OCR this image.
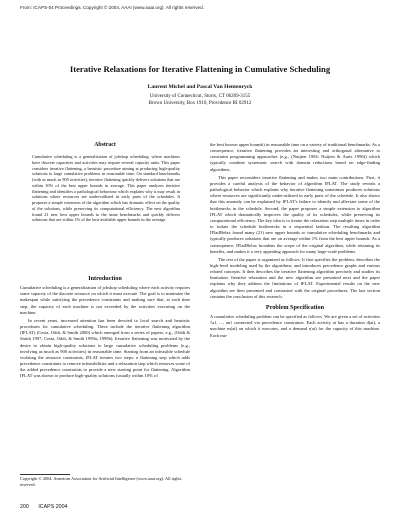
From: ICAPS-04 Proceedings. Copyright © 2004, AAAI (www.aaai.org). All rights reserved.
Iterative Relaxations for Iterative Flattening in Cumulative Scheduling
Laurent Michel and Pascal Van Hentenryck
University of Connecticut, Storrs, CT 06269-3155
Brown University, Box 1910, Providence RI 02912

Abstract

Cumulative scheduling is a generalization of jobshop scheduling, where machines have discrete capacities and activities may require several capacity units. This paper considers iterative flattening, a heuristic procedure aiming at producing high-quality solutions to large cumulative problems in reasonable time. On standard benchmarks (with as much as 900 activities), iterative flattening quickly delivers solutions that are within 10% of the best upper bounds in average. This paper analyzes iterative flattening and identifies a pathological behaviour which explains why it may result in solutions where resources are under-utilized in early parts of the schedules. It proposes a simple extension of the algorithm which has dramatic effect on the quality of the solutions, while preserving its computational efficiency. The new algorithm found 21 new best upper bounds to the same benchmarks and quickly delivers solutions that are within 1% of the best available upper bounds in the average.

Introduction

Cumulative scheduling is a generalization of jobshop scheduling where each activity requires some capacity of the discrete resource on which it must execute. The goal is to minimize the makespan while satisfying the precedence constraints and making sure that, at each time step, the capacity of each machine is not exceeded by the activities executing on the machine.

In recent years, increased attention has been devoted to local search and heuristic procedures for cumulative scheduling. These include the iterative flattening algorithm (IFLAT) (Cesta, Oddi, & Smith 2000) which emerged from a series of papers, e.g., (Oddi & Smith 1997; Cesta, Oddi, & Smith 1999a; 1999b). Iterative flattening was motivated by the desire to obtain high-quality solutions to large cumulative scheduling problems (e.g., involving as much as 900 activities) in reasonable time. Starting from an infeasible schedule violating the resource constraints, IFLAT iterates two steps: a flattening step which adds precedence constraints to remove infeasibilities and a relaxation step which removes some of the added precedence constraints to provide a new starting point for flattening. Algorithm IFLAT was shown to produce high-quality solutions (usually within 10% of

Copyright © 2004, American Association for Artificial Intelligence (www.aaai.org). All rights reserved.

the best known upper bounds) in reasonable time on a variety of traditional benchmarks. As a consequence, iterative flattening provides an interesting and orthogonal alternative to constraint programming approaches (e.g., (Nuijten 1994; Nuijten & Aarts 1996)) which typically combine systematic search with domain reductions based on edge-finding algorithms.

This paper reconsiders iterative flattening and makes two main contributions. First, it provides a careful analysis of the behavior of algorithm IFLAT. The study reveals a pathological behavior which explains why iterative flattening sometimes produces solutions where resources are significantly under-utilized in early parts of the schedule. It also shows that this anomaly can be explained by IFLAT's failure to identify and alleviate some of the bottlenecks in the schedule. Second, the paper proposes a simple extension to algorithm IFLAT which dramatically improves the quality of its schedules, while preserving its computational efficiency. The key idea is to iterate the relaxation step multiple times in order to isolate the schedule bottlenecks in a sequential fashion. The resulting algorithm IFlatIRelax found many (21) new upper bounds to cumulative scheduling benchmarks and typically produces solutions that are on average within 1% from the best upper bounds. As a consequence, IFlatIRelax broadens the scope of the original algorithm, while retaining its benefits, and makes it a very appealing approach for many large-scale problems.

The rest of the paper is organized as follows. It first specifies the problem, describes the high-level modeling used by the algorithms, and introduces precedence graphs and various related concepts. It then describes the iterative flattening algorithm precisely and studies its limitation. Iterative relaxation and the new algorithm are presented next and the paper explains why they address the limitations of IFLAT. Experimental results on the new algorithm are then presented and contrasted with the original procedures. The last section contains the conclusion of this research.

Problem Specification

A cumulative scheduling problem can be specified as follows. We are given a set of activities {a1, ..., an} connected via precedence constraints. Each activity ai has a duration d(ai), a machine m(ai) on which it executes, and a demand r(ai) for the capacity of this machine. Each ma-

200 ICAPS 2004
